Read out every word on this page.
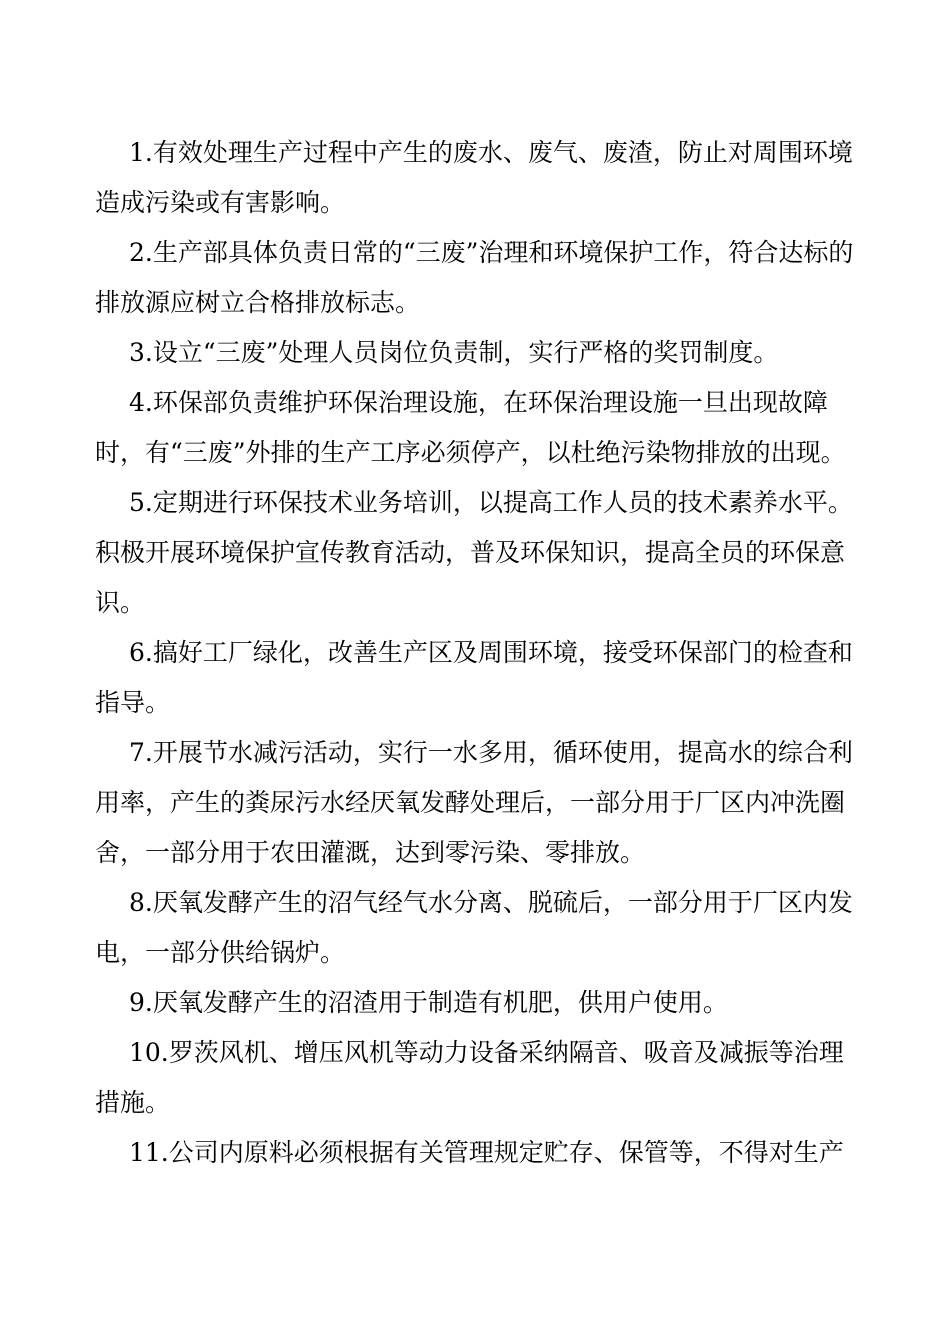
1.有效处理生产过程中产生的废水、废气、废渣，防止对周围环境造成污染或有害影响。

2.生产部具体负责日常的“三废”治理和环境保护工作，符合达标的排放源应树立合格排放标志。

3.设立“三废”处理人员岗位负责制，实行严格的奖罚制度。

4.环保部负责维护环保治理设施，在环保治理设施一旦出现故障时，有“三废”外排的生产工序必须停产，以杜绝污染物排放的出现。

5.定期进行环保技术业务培训，以提高工作人员的技术素养水平。积极开展环境保护宣传教育活动，普及环保知识，提高全员的环保意识。

6.搞好工厂绿化，改善生产区及周围环境，接受环保部门的检查和指导。

7.开展节水减污活动，实行一水多用，循环使用，提高水的综合利用率，产生的粪尿污水经厌氧发酵处理后，一部分用于厂区内冲洗圈舍，一部分用于农田灌溉，达到零污染、零排放。

8.厌氧发酵产生的沼气经气水分离、脱硫后，一部分用于厂区内发电，一部分供给锅炉。

9.厌氧发酵产生的沼渣用于制造有机肥，供用户使用。

10.罗茨风机、增压风机等动力设备采纳隔音、吸音及减振等治理措施。

11.公司内原料必须根据有关管理规定贮存、保管等，不得对生产
